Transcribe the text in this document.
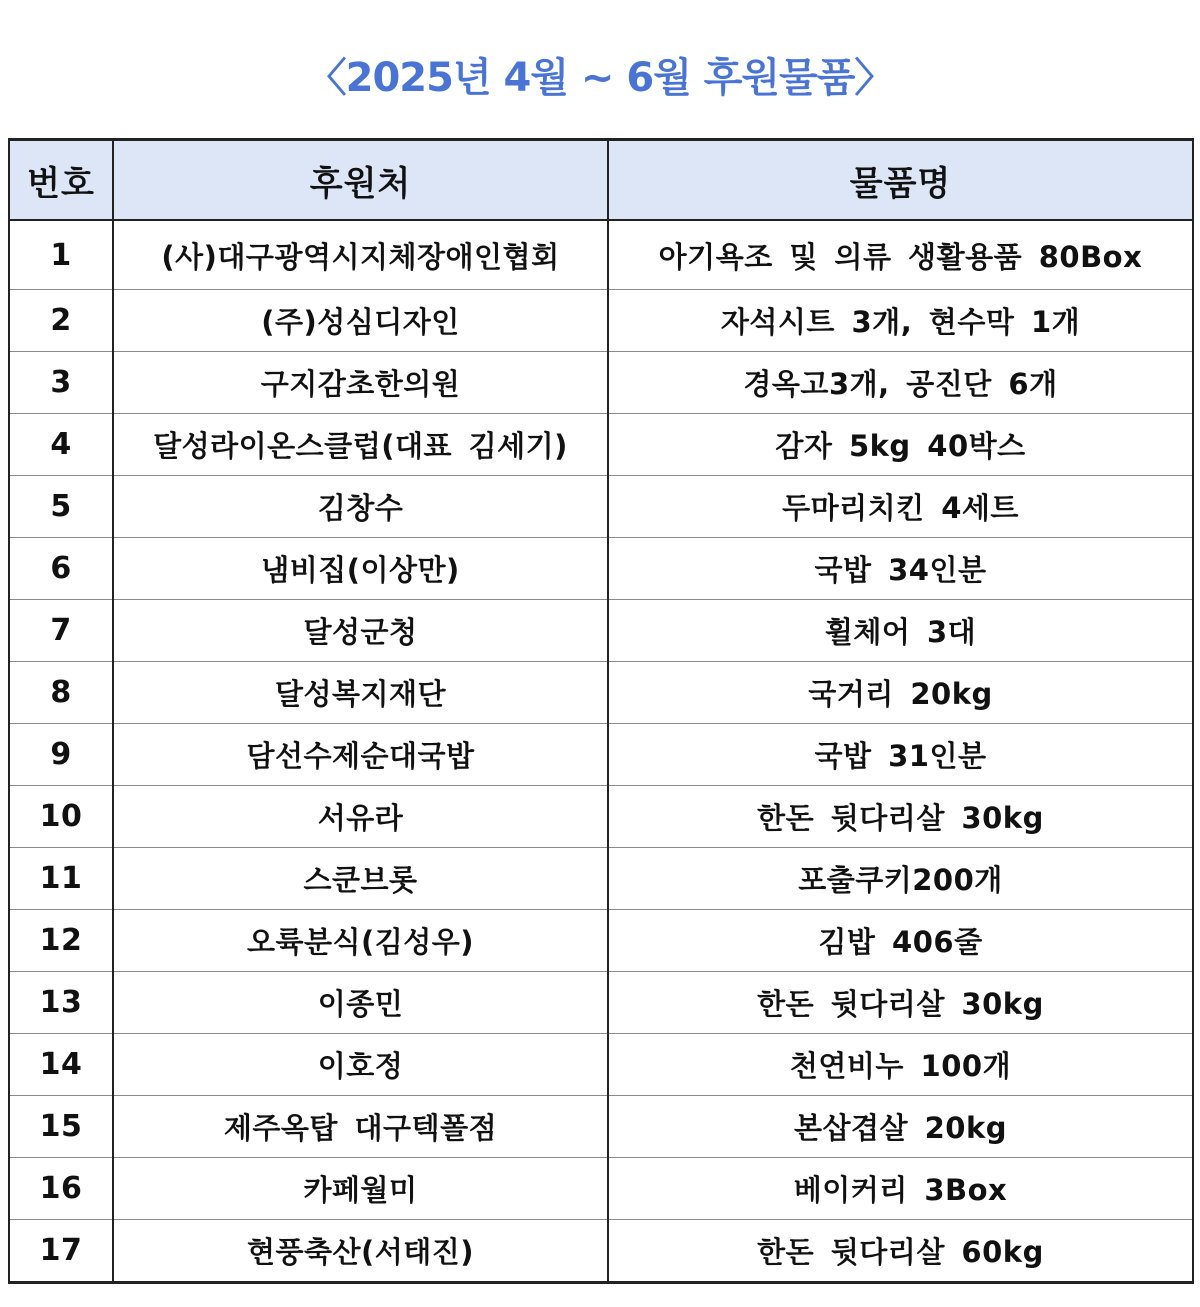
〈2025년 4월 ~ 6월 후원물품〉
번호	후원처	물품명
1	(사)대구광역시지체장애인협회	아기욕조 및 의류 생활용품 80Box
2	(주)성심디자인	자석시트 3개, 현수막 1개
3	구지감초한의원	경옥고3개, 공진단 6개
4	달성라이온스클럽(대표 김세기)	감자 5kg 40박스
5	김창수	두마리치킨 4세트
6	냄비집(이상만)	국밥 34인분
7	달성군청	휠체어 3대
8	달성복지재단	국거리 20kg
9	담선수제순대국밥	국밥 31인분
10	서유라	한돈 뒷다리살 30kg
11	스쿤브롯	포출쿠키200개
12	오륙분식(김성우)	김밥 406줄
13	이종민	한돈 뒷다리살 30kg
14	이호정	천연비누 100개
15	제주옥탑 대구텍폴점	본삽겹살 20kg
16	카페월미	베이커리 3Box
17	현풍축산(서태진)	한돈 뒷다리살 60kg
